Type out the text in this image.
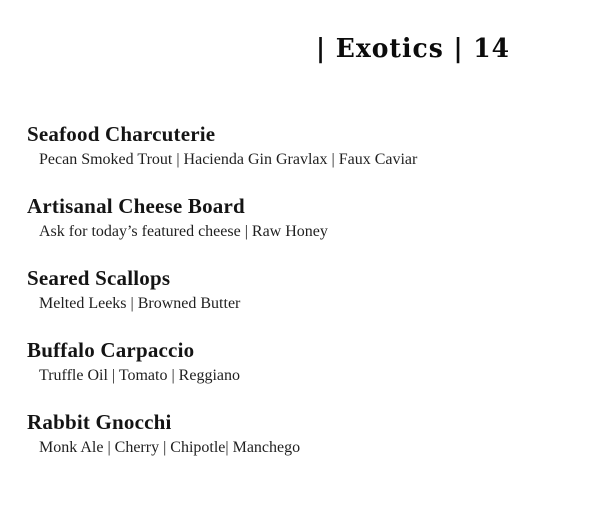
| Exotics | 14
Seafood Charcuterie
Pecan Smoked Trout | Hacienda Gin Gravlax | Faux Caviar
Artisanal Cheese Board
Ask for today’s featured cheese | Raw Honey
Seared Scallops
Melted Leeks | Browned Butter
Buffalo Carpaccio
Truffle Oil | Tomato | Reggiano
Rabbit Gnocchi
Monk Ale | Cherry | Chipotle| Manchego
